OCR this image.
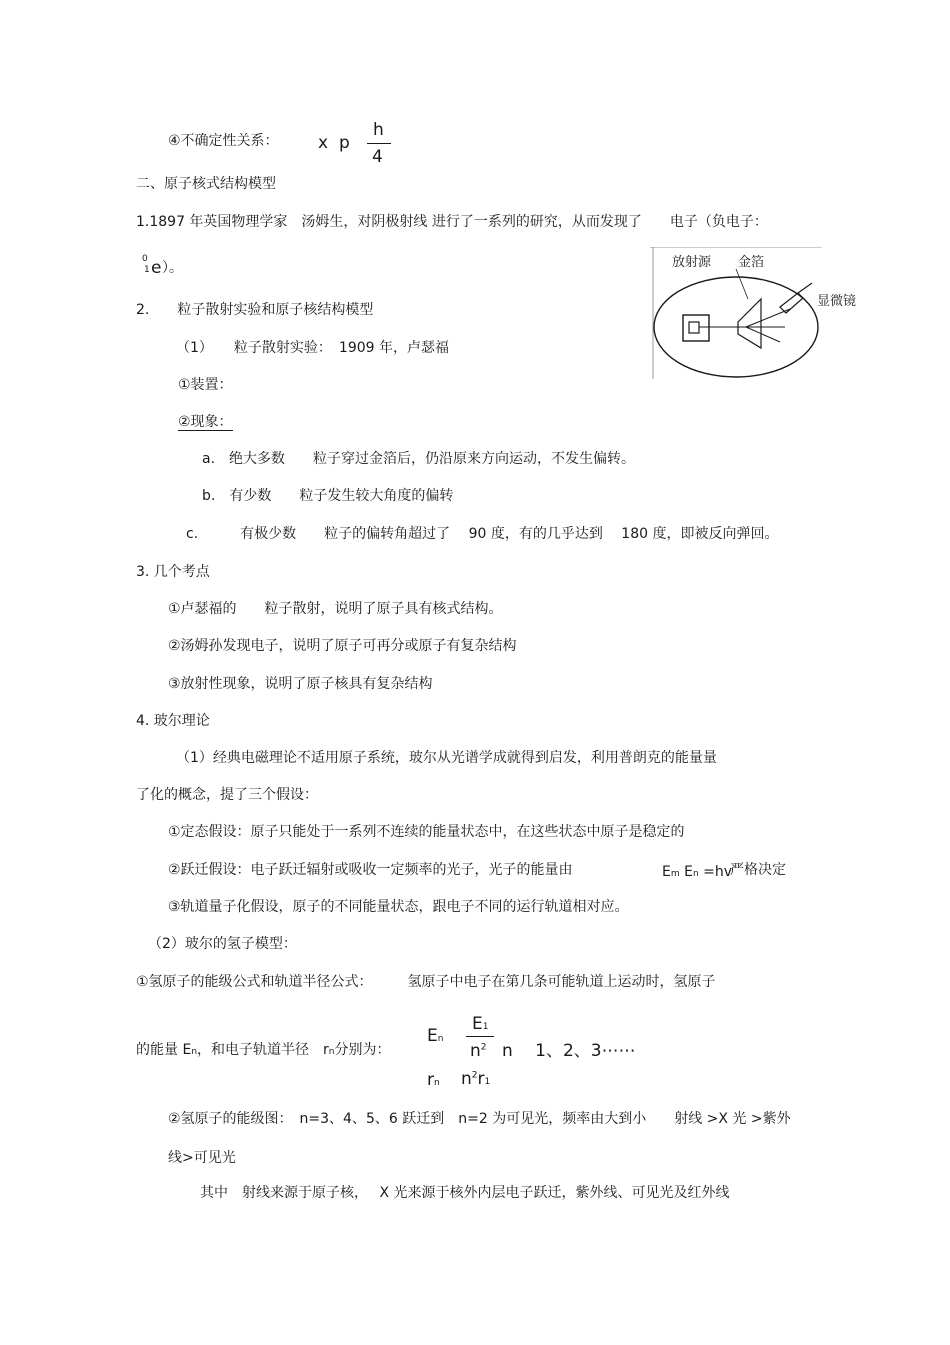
④不确定性关系： x p
h
4
二、原子核式结构模型
1.1897 年英国物理学家　汤姆生，对阴极射线 进行了一系列的研究，从而发现了　　电子（负电子：
0
1 e ）。	放射源 金箔
显微镜
2.　　粒子散射实验和原子核结构模型
（1）　　粒子散射实验：　1909 年，卢瑟福
①装置：
②现象：
a.　绝大多数　　粒子穿过金箔后，仍沿原来方向运动，不发生偏转。
b.　有少数　　粒子发生较大角度的偏转
c.　　　有极少数　　粒子的偏转角超过了　 90 度，有的几乎达到　 180 度，即被反向弹回。
3. 几个考点
①卢瑟福的　　粒子散射，说明了原子具有核式结构。
②汤姆孙发现电子，说明了原子可再分或原子有复杂结构
③放射性现象，说明了原子核具有复杂结构
4. 玻尔理论
（1）经典电磁理论不适用原子系统，玻尔从光谱学成就得到启发，利用普朗克的能量量
了化的概念，提了三个假设：
①定态假设：原子只能处于一系列不连续的能量状态中，在这些状态中原子是稳定的
②跃迁假设：电子跃迁辐射或吸收一定频率的光子，光子的能量由	Em En =hv
严格决定
③轨道量子化假设，原子的不同能量状态，跟电子不同的运行轨道相对应。
（2）玻尔的氢子模型：
①氢原子的能级公式和轨道半径公式：　　　氢原子中电子在第几条可能轨道上运动时，氢原子
的能量 En，和电子轨道半径　 rn分别为：
En
E1
$n^2$ n　 1、2、3⋯⋯
rn $n^2r1$
②氢原子的能级图：　n=3、4、5、6 跃迁到　n=2 为可见光，频率由大到小　　射线 >X 光 >紫外
线>可见光
其中　射线来源于原子核，　 X 光来源于核外内层电子跃迁，紫外线、可见光及红外线
